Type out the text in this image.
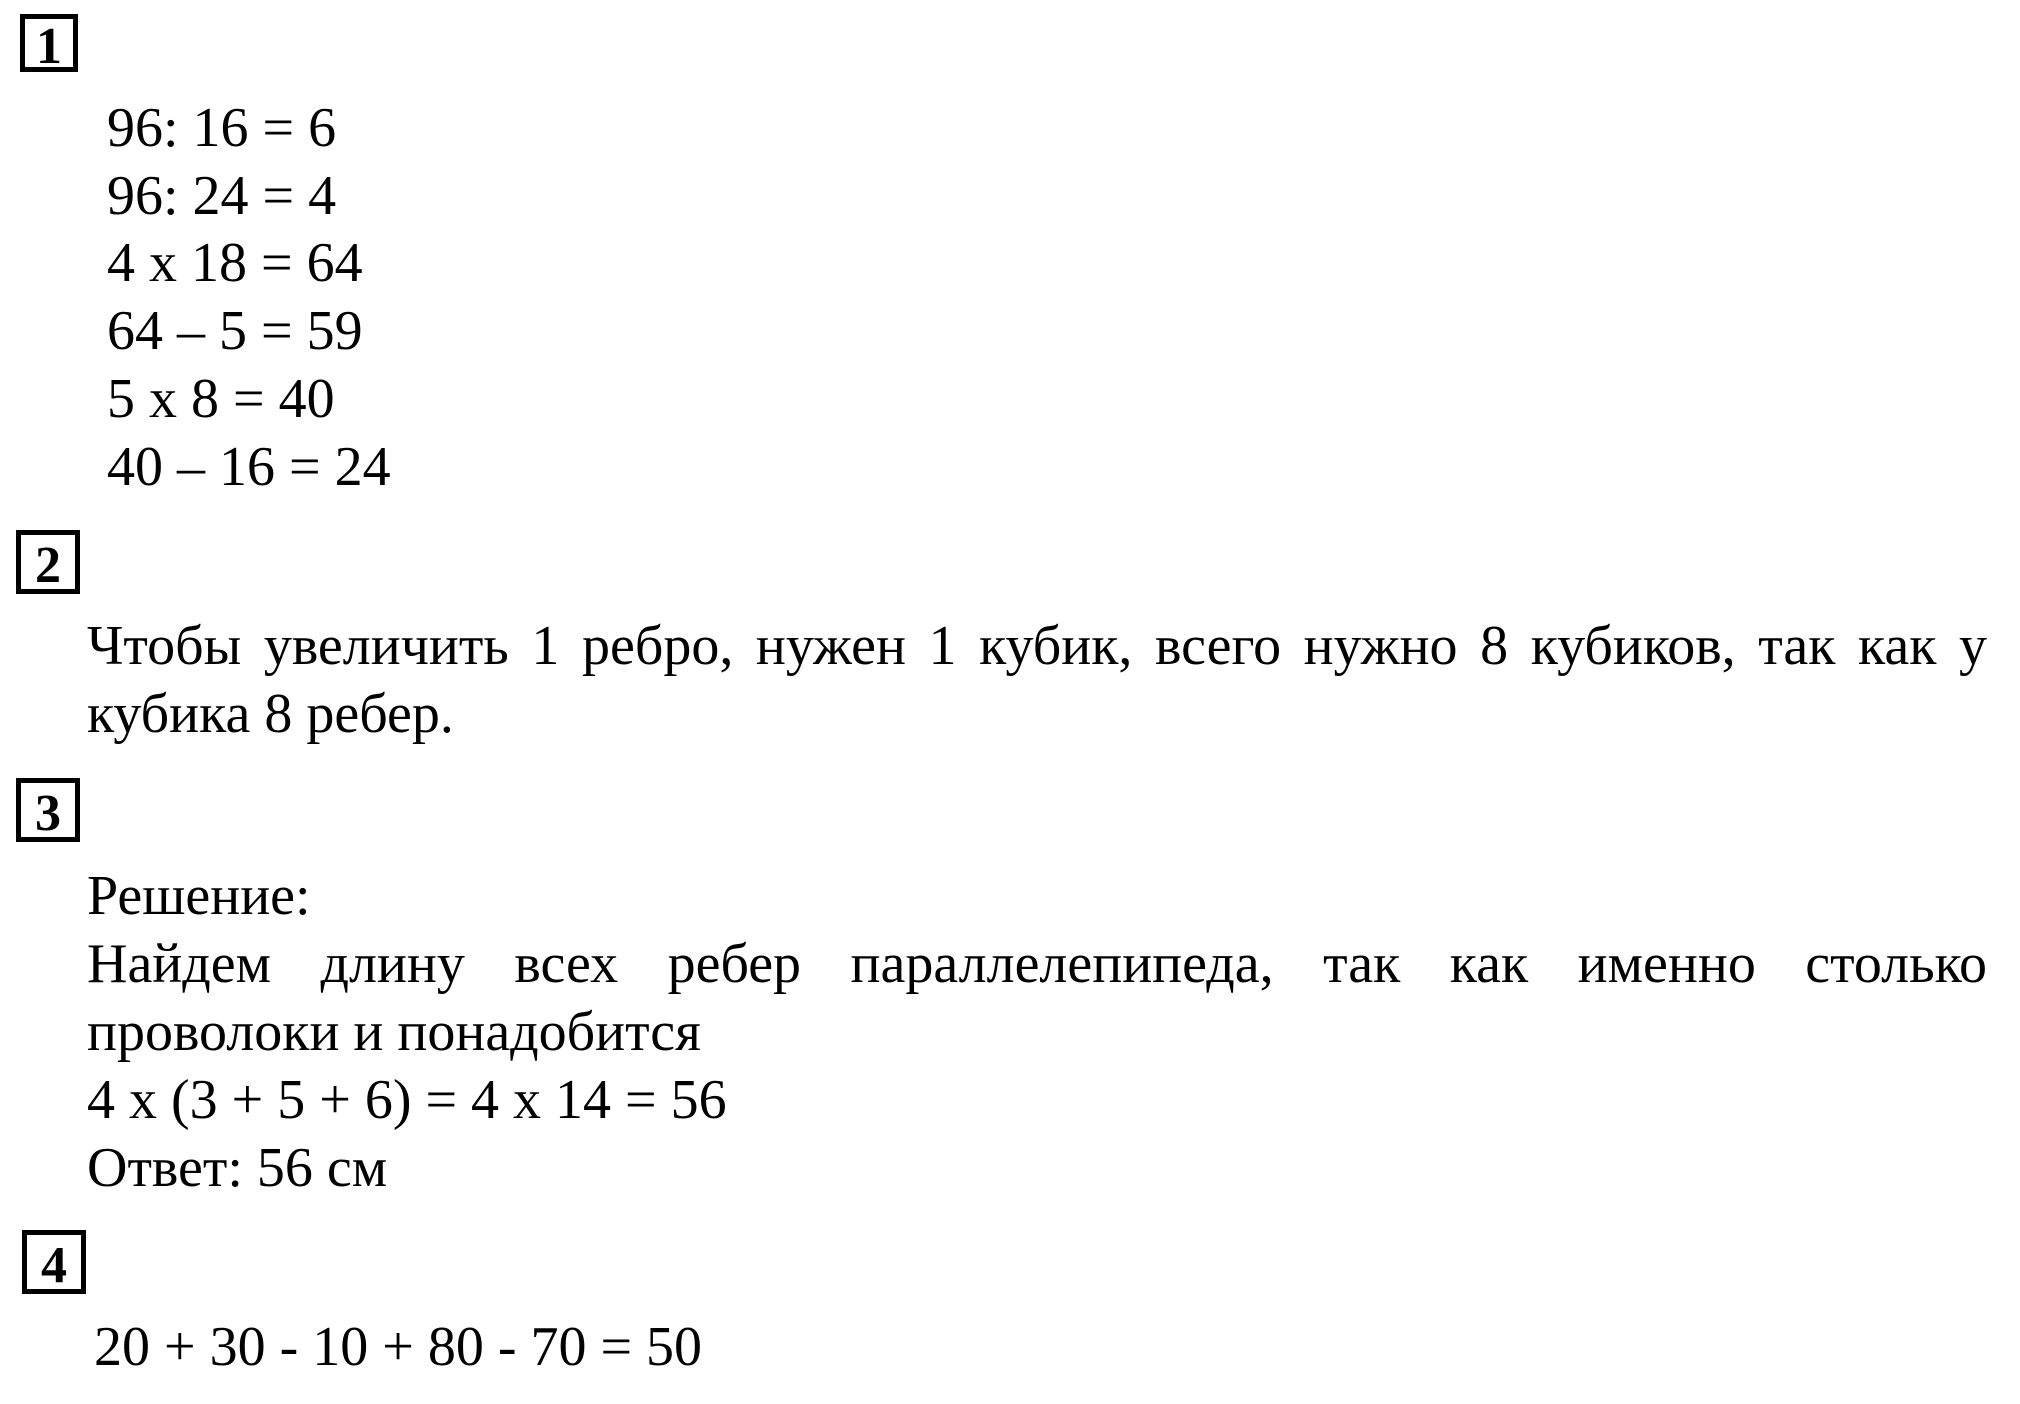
1
96: 16 = 6
96: 24 = 4
4 х 18 = 64
64 – 5 = 59
5 х 8 = 40
40 – 16 = 24
2
Чтобы увеличить 1 ребро, нужен 1 кубик, всего нужно 8 кубиков, так как у
кубика 8 ребер.
3
Решение:
Найдем длину всех ребер параллелепипеда, так как именно столько
проволоки и понадобится
4 х (3 + 5 + 6) = 4 х 14 = 56
Ответ: 56 см
4
20 + 30 - 10 + 80 - 70 = 50
